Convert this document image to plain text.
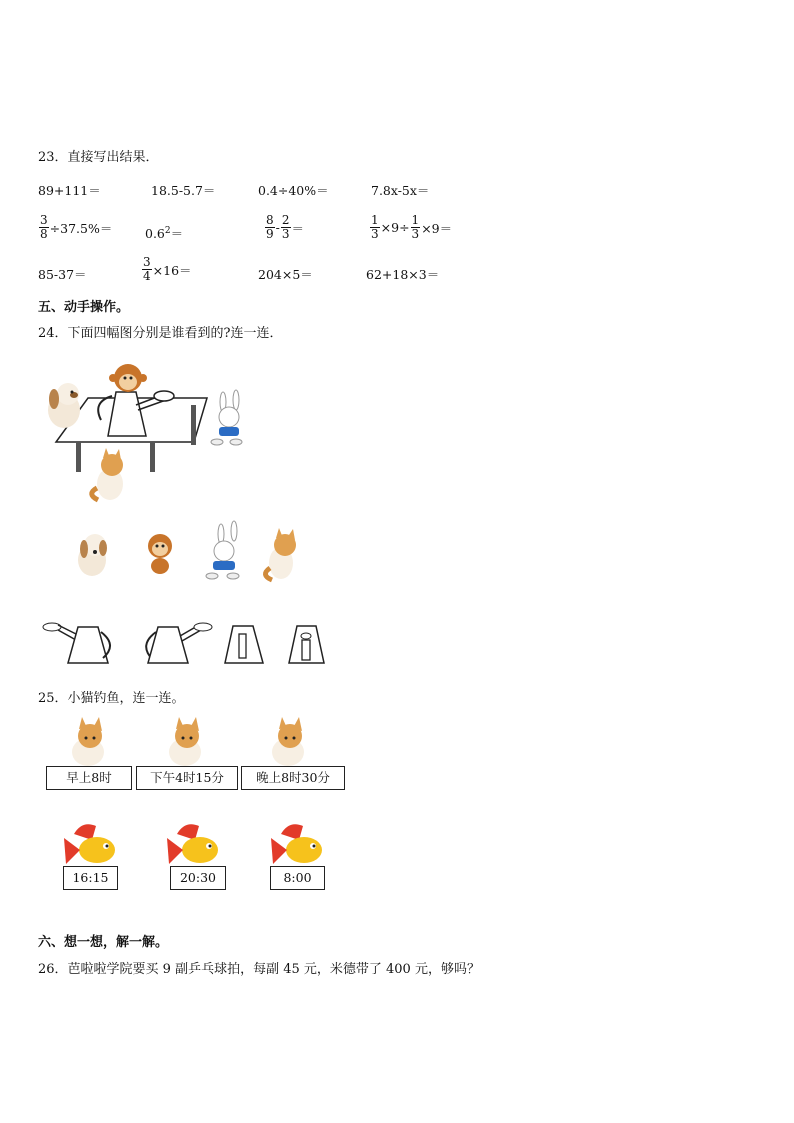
23．直接写出结果．
89+111＝	18.5-5.7＝	0.4÷40%＝	7.8x-5x＝
$\frac{3}{8} \div 37.5\%=$	$0.6^2=$	$\frac{8}{9} - \frac{2}{3}$ ＝	$\frac{1}{3} \times 9\div \frac{1}{3} \times 9=$
85-37＝	$\frac{3}{4} \times 16=$	204×5＝	62+18×3＝
五、动手操作。
24．下面四幅图分别是谁看到的?连一连．
25．小猫钓鱼，连一连。
早上8时	下午4时15分	晚上8时30分
16:15	20:30	8:00
六、想一想，解一解。
26．芭啦啦学院要买 9 副乒乓球拍，每副 45 元，米德带了 400 元，够吗？
